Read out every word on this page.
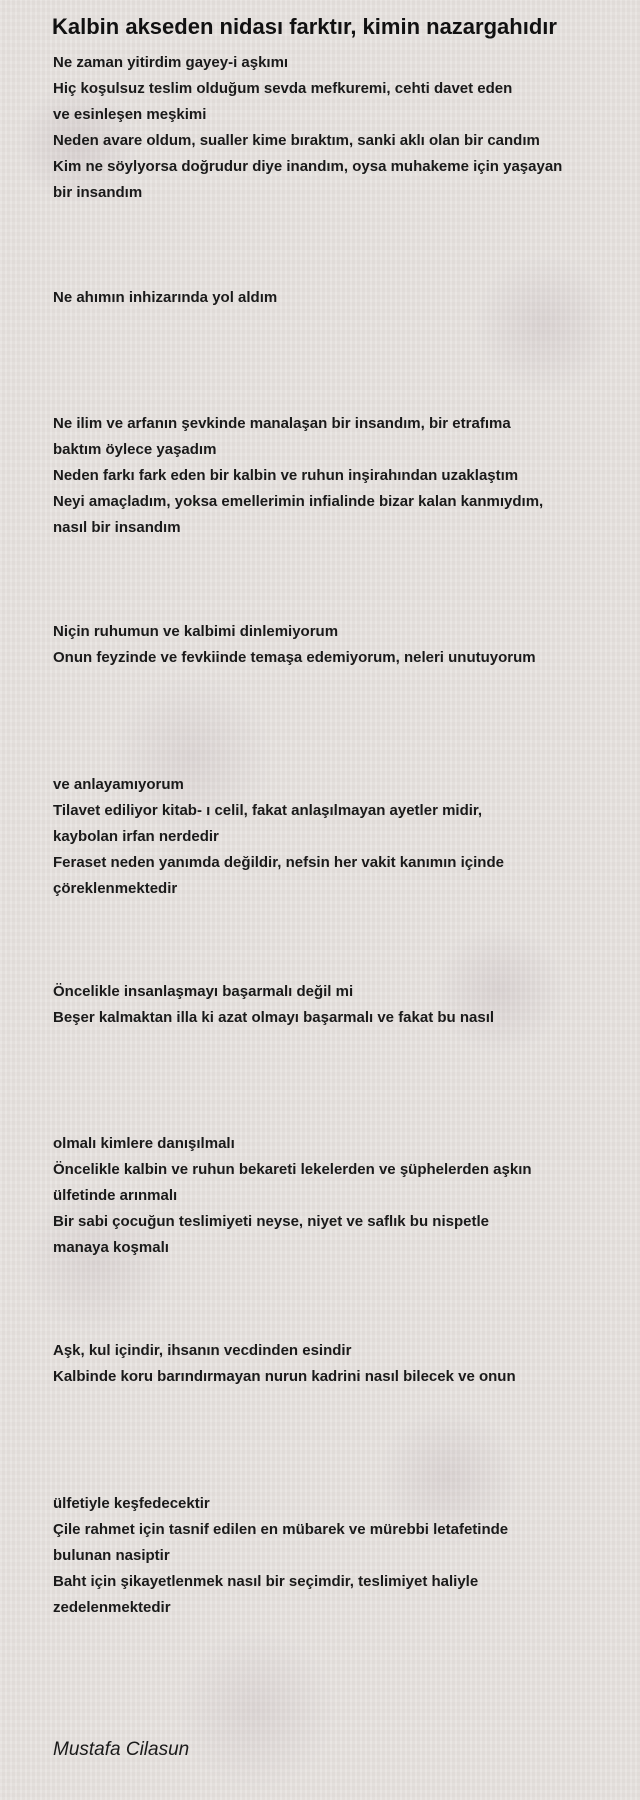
Kalbin akseden nidası farktır, kimin nazargahıdır

Ne zaman yitirdim gayey-i aşkımı
Hiç koşulsuz teslim olduğum sevda mefkuremi, cehti davet eden
ve esinleşen meşkimi
Neden avare oldum, sualler kime bıraktım, sanki aklı olan bir candım
Kim ne söylyorsa doğrudur diye inandım, oysa muhakeme için yaşayan
bir insandım

Ne ahımın inhizarında yol aldım

Ne ilim ve arfanın şevkinde manalaşan bir insandım, bir etrafıma
baktım öylece yaşadım
Neden farkı fark eden bir kalbin ve ruhun inşirahından uzaklaştım
Neyi amaçladım, yoksa emellerimin infialinde bizar kalan kanmıydım,
nasıl bir insandım

Niçin ruhumun ve kalbimi dinlemiyorum
Onun feyzinde ve fevkiinde temaşa edemiyorum, neleri unutuyorum

ve anlayamıyorum
Tilavet ediliyor kitab- ı celil, fakat anlaşılmayan ayetler midir,
kaybolan irfan nerdedir
Feraset neden yanımda değildir, nefsin her vakit kanımın içinde
çöreklenmektedir

Öncelikle insanlaşmayı başarmalı değil mi
Beşer kalmaktan illa ki azat olmayı başarmalı ve fakat bu nasıl

olmalı kimlere danışılmalı
Öncelikle kalbin ve ruhun bekareti lekelerden ve şüphelerden aşkın
ülfetinde arınmalı
Bir sabi çocuğun teslimiyeti neyse, niyet ve saflık bu nispetle
manaya koşmalı

Aşk, kul içindir, ihsanın vecdinden esindir
Kalbinde koru barındırmayan nurun kadrini nasıl bilecek ve onun

ülfetiyle keşfedecektir
Çile rahmet için tasnif edilen en mübarek ve mürebbi letafetinde
bulunan nasiptir
Baht için şikayetlenmek nasıl bir seçimdir, teslimiyet haliyle
zedelenmektedir

Mustafa Cilasun
